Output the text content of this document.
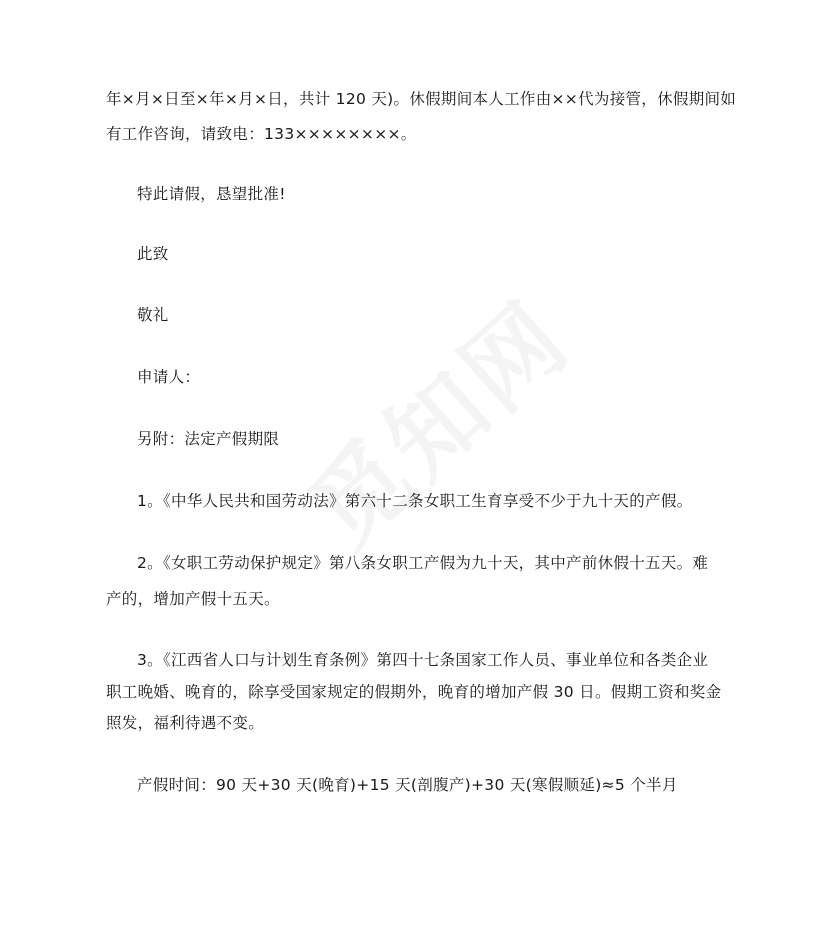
年×月×日至×年×月×日，共计 120 天)。休假期间本人工作由××代为接管，休假期间如
有工作咨询，请致电：133××××××××。
特此请假，恳望批准!
此致
敬礼
申请人：
另附：法定产假期限
1。《中华人民共和国劳动法》第六十二条女职工生育享受不少于九十天的产假。
2。《女职工劳动保护规定》第八条女职工产假为九十天，其中产前休假十五天。难
产的，增加产假十五天。
3。《江西省人口与计划生育条例》第四十七条国家工作人员、事业单位和各类企业
职工晚婚、晚育的，除享受国家规定的假期外，晚育的增加产假 30 日。假期工资和奖金
照发，福利待遇不变。
产假时间：90 天+30 天(晚育)+15 天(剖腹产)+30 天(寒假顺延)≈5 个半月
